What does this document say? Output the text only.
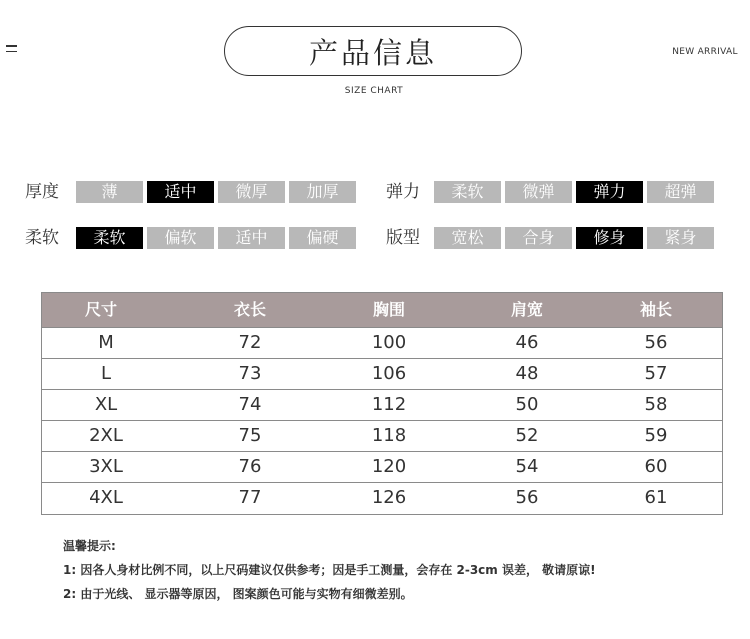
产品信息
SIZE CHART
NEW ARRIVAL
厚度	薄	适中	微厚	加厚	弹力	柔软	微弹	弹力	超弹
柔软	柔软	偏软	适中	偏硬	版型	宽松	合身	修身	紧身
尺寸	衣长	胸围	肩宽	袖长
M	72	100	46	56
L	73	106	48	57
XL	74	112	50	58
2XL	75	118	52	59
3XL	76	120	54	60
4XL	77	126	56	61
温馨提示:
1: 因各人身材比例不同，以上尺码建议仅供参考；因是手工测量，会存在 2-3cm 误差， 敬请原谅!
2: 由于光线、 显示器等原因， 图案颜色可能与实物有细微差别。
